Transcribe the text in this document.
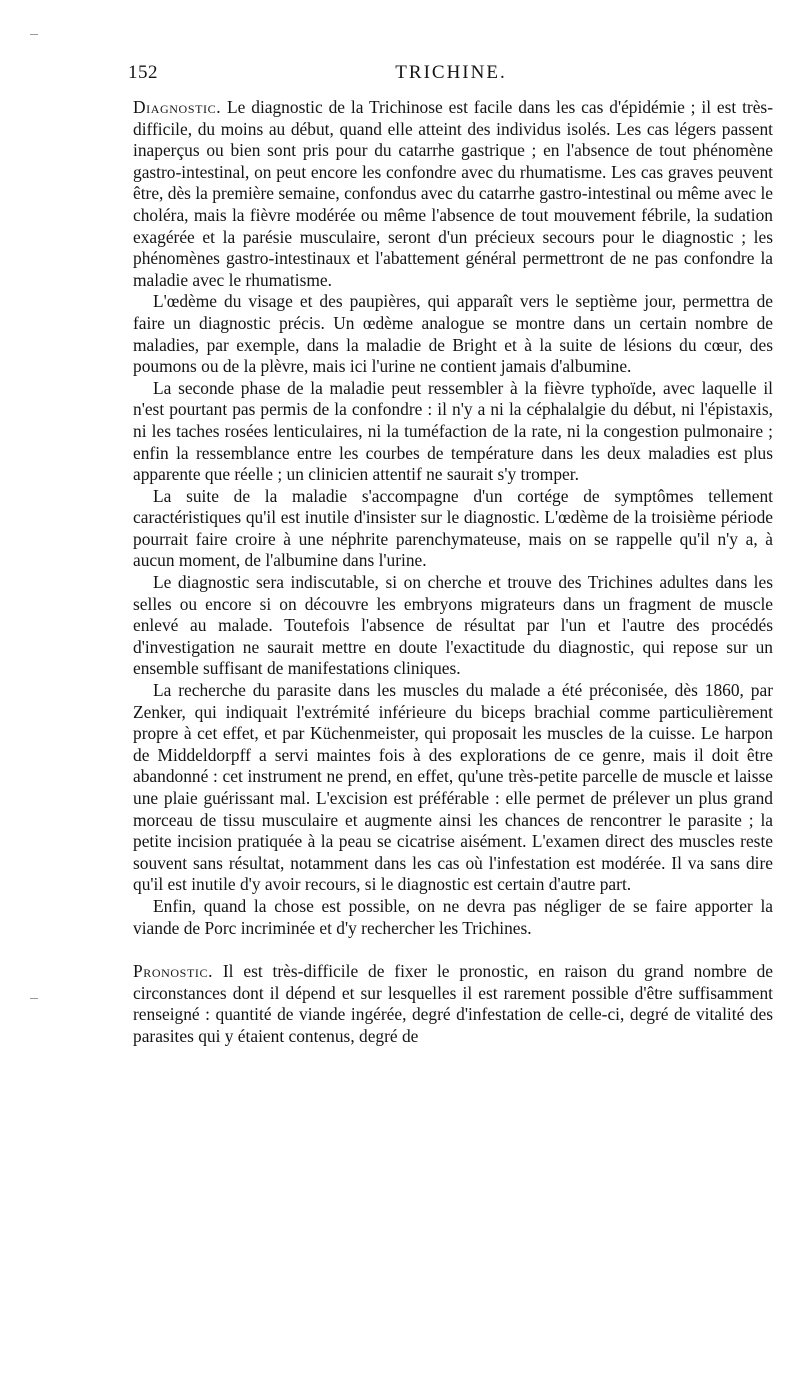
152	TRICHINE.

Diagnostic. Le diagnostic de la Trichinose est facile dans les cas d'épidémie ; il est très-difficile, du moins au début, quand elle atteint des individus isolés. Les cas légers passent inaperçus ou bien sont pris pour du catarrhe gastrique ; en l'absence de tout phénomène gastro-intestinal, on peut encore les confondre avec du rhumatisme. Les cas graves peuvent être, dès la première semaine, confondus avec du catarrhe gastro-intestinal ou même avec le choléra, mais la fièvre modérée ou même l'absence de tout mouvement fébrile, la sudation exagérée et la parésie musculaire, seront d'un précieux secours pour le diagnostic ; les phénomènes gastro-intestinaux et l'abattement général permettront de ne pas confondre la maladie avec le rhumatisme.

L'œdème du visage et des paupières, qui apparaît vers le septième jour, permettra de faire un diagnostic précis. Un œdème analogue se montre dans un certain nombre de maladies, par exemple, dans la maladie de Bright et à la suite de lésions du cœur, des poumons ou de la plèvre, mais ici l'urine ne contient jamais d'albumine.

La seconde phase de la maladie peut ressembler à la fièvre typhoïde, avec laquelle il n'est pourtant pas permis de la confondre : il n'y a ni la céphalalgie du début, ni l'épistaxis, ni les taches rosées lenticulaires, ni la tuméfaction de la rate, ni la congestion pulmonaire ; enfin la ressemblance entre les courbes de température dans les deux maladies est plus apparente que réelle ; un clinicien attentif ne saurait s'y tromper.

La suite de la maladie s'accompagne d'un cortége de symptômes tellement caractéristiques qu'il est inutile d'insister sur le diagnostic. L'œdème de la troisième période pourrait faire croire à une néphrite parenchymateuse, mais on se rappelle qu'il n'y a, à aucun moment, de l'albumine dans l'urine.

Le diagnostic sera indiscutable, si on cherche et trouve des Trichines adultes dans les selles ou encore si on découvre les embryons migrateurs dans un fragment de muscle enlevé au malade. Toutefois l'absence de résultat par l'un et l'autre des procédés d'investigation ne saurait mettre en doute l'exactitude du diagnostic, qui repose sur un ensemble suffisant de manifestations cliniques.

La recherche du parasite dans les muscles du malade a été préconisée, dès 1860, par Zenker, qui indiquait l'extrémité inférieure du biceps brachial comme particulièrement propre à cet effet, et par Küchenmeister, qui proposait les muscles de la cuisse. Le harpon de Middeldorpff a servi maintes fois à des explorations de ce genre, mais il doit être abandonné : cet instrument ne prend, en effet, qu'une très-petite parcelle de muscle et laisse une plaie guérissant mal. L'excision est préférable : elle permet de prélever un plus grand morceau de tissu musculaire et augmente ainsi les chances de rencontrer le parasite ; la petite incision pratiquée à la peau se cicatrise aisément. L'examen direct des muscles reste souvent sans résultat, notamment dans les cas où l'infestation est modérée. Il va sans dire qu'il est inutile d'y avoir recours, si le diagnostic est certain d'autre part.

Enfin, quand la chose est possible, on ne devra pas négliger de se faire apporter la viande de Porc incriminée et d'y rechercher les Trichines.

Pronostic. Il est très-difficile de fixer le pronostic, en raison du grand nombre de circonstances dont il dépend et sur lesquelles il est rarement possible d'être suffisamment renseigné : quantité de viande ingérée, degré d'infestation de celle-ci, degré de vitalité des parasites qui y étaient contenus, degré de
